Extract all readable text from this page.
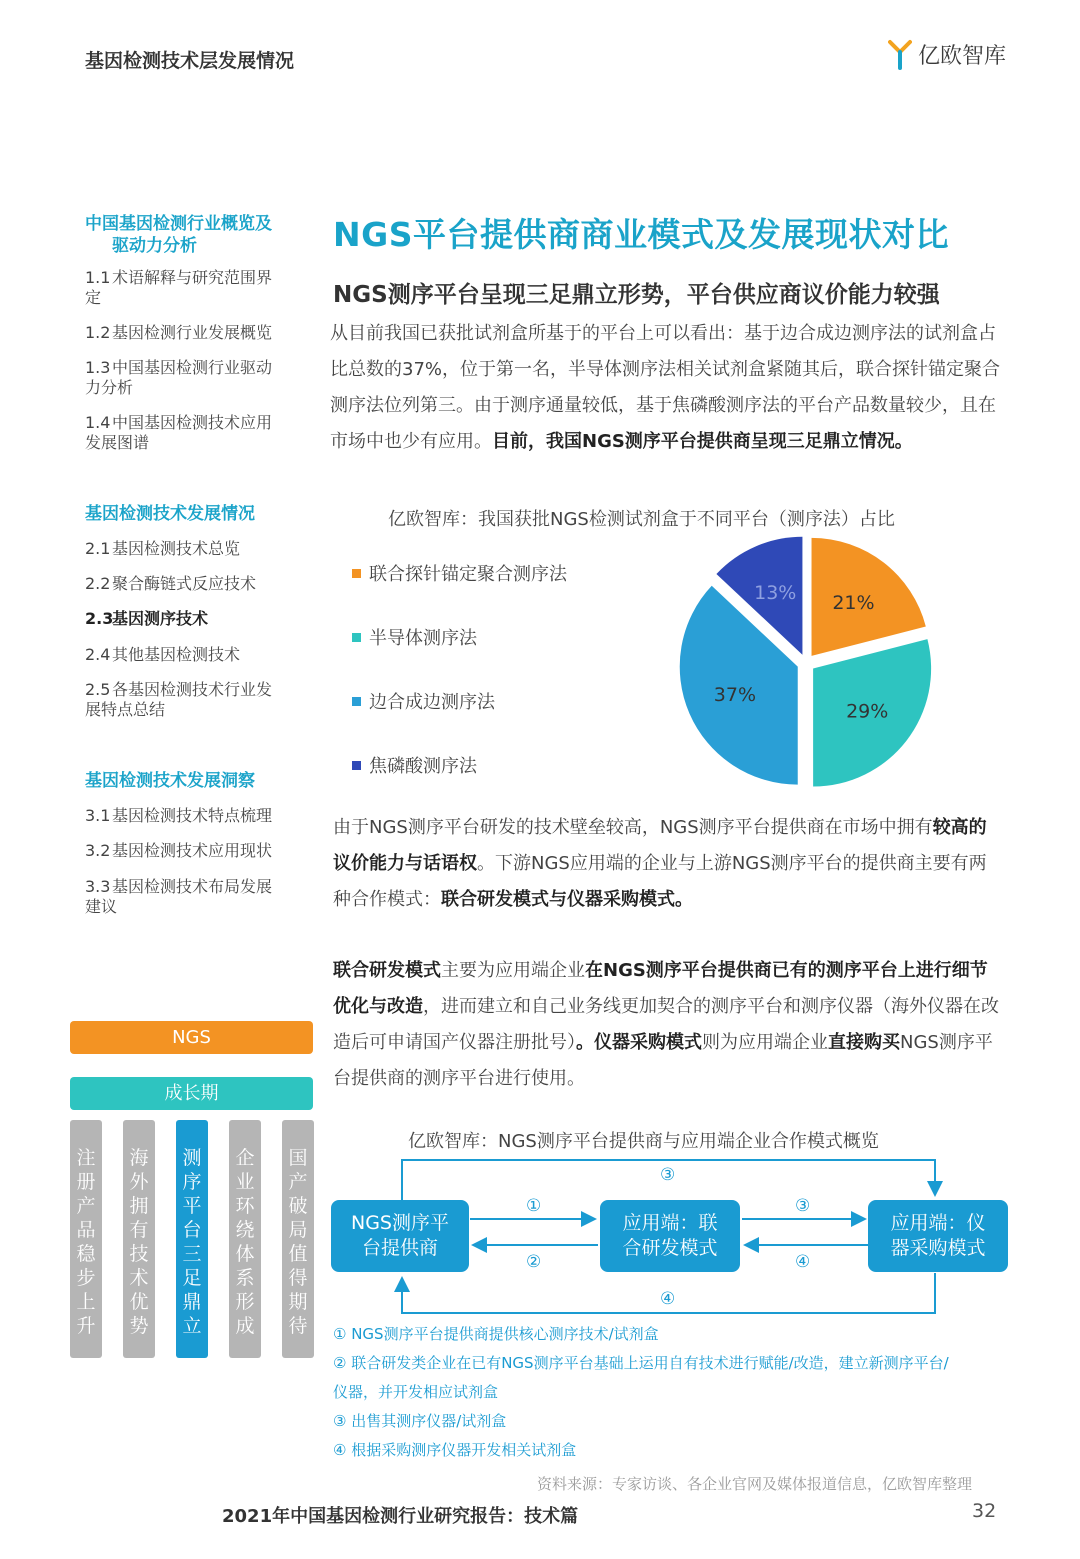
基因检测技术层发展情况	亿欧智库
中国基因检测行业概览及
驱动力分析
1.1术语解释与研究范围界
定
1.2基因检测行业发展概览
1.3中国基因检测行业驱动
力分析
1.4中国基因检测技术应用
发展图谱
基因检测技术发展情况
2.1基因检测技术总览
2.2聚合酶链式反应技术
2.3基因测序技术
2.4其他基因检测技术
2.5各基因检测技术行业发
展特点总结
基因检测技术发展洞察
3.1基因检测技术特点梳理
3.2基因检测技术应用现状
3.3基因检测技术布局发展
建议
NGS
成长期
注册产品稳步上升
海外拥有技术优势
测序平台三足鼎立
企业环绕体系形成
国产破局值得期待
NGS平台提供商商业模式及发展现状对比
NGS测序平台呈现三足鼎立形势，平台供应商议价能力较强
从目前我国已获批试剂盒所基于的平台上可以看出：基于边合成边测序法的试剂盒占比总数的37%，位于第一名，半导体测序法相关试剂盒紧随其后，联合探针锚定聚合测序法位列第三。由于测序通量较低，基于焦磷酸测序法的平台产品数量较少，且在市场中也少有应用。目前，我国NGS测序平台提供商呈现三足鼎立情况。
亿欧智库：我国获批NGS检测试剂盒于不同平台（测序法）占比
联合探针锚定聚合测序法
半导体测序法
边合成边测序法
焦磷酸测序法
21%
29%
37%
13%
由于NGS测序平台研发的技术壁垒较高，NGS测序平台提供商在市场中拥有较高的议价能力与话语权。下游NGS应用端的企业与上游NGS测序平台的提供商主要有两种合作模式：联合研发模式与仪器采购模式。
联合研发模式主要为应用端企业在NGS测序平台提供商已有的测序平台上进行细节优化与改造，进而建立和自己业务线更加契合的测序平台和测序仪器（海外仪器在改造后可申请国产仪器注册批号）。仪器采购模式则为应用端企业直接购买NGS测序平台提供商的测序平台进行使用。
亿欧智库：NGS测序平台提供商与应用端企业合作模式概览
NGS测序平台提供商
应用端：联合研发模式
应用端：仪器采购模式
③
①
②
③
④
④
① NGS测序平台提供商提供核心测序技术/试剂盒
② 联合研发类企业在已有NGS测序平台基础上运用自有技术进行赋能/改造，建立新测序平台/
仪器，并开发相应试剂盒
③ 出售其测序仪器/试剂盒
④ 根据采购测序仪器开发相关试剂盒
资料来源：专家访谈、各企业官网及媒体报道信息，亿欧智库整理
2021年中国基因检测行业研究报告：技术篇	32
